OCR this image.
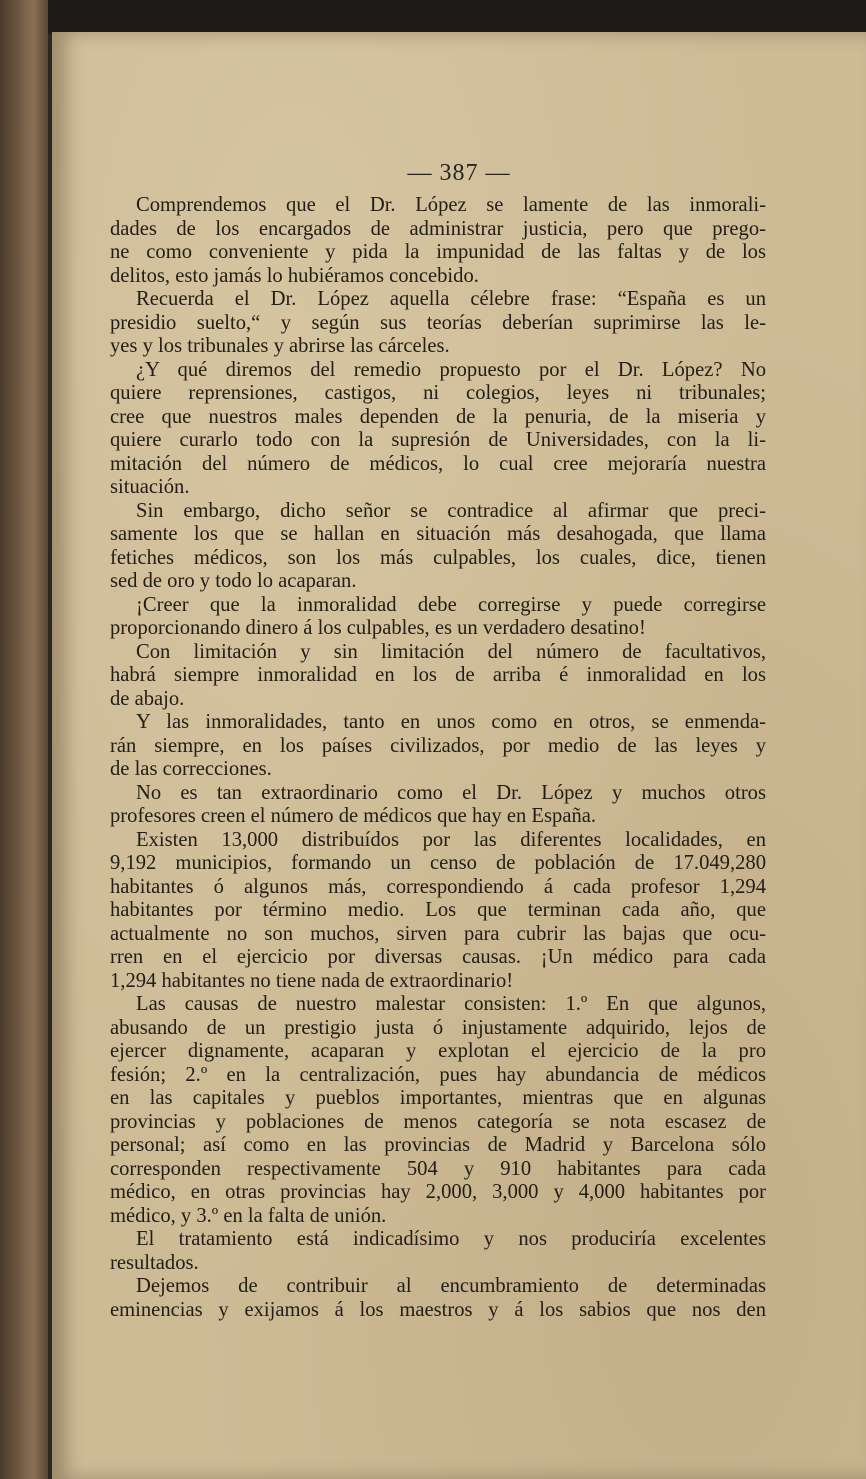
— 387 —
Comprendemos que el Dr. López se lamente de las inmorali-
dades de los encargados de administrar justicia, pero que prego-
ne como conveniente y pida la impunidad de las faltas y de los
delitos, esto jamás lo hubiéramos concebido.
Recuerda el Dr. López aquella célebre frase: “España es un
presidio suelto,“ y según sus teorías deberían suprimirse las le-
yes y los tribunales y abrirse las cárceles.
¿Y qué diremos del remedio propuesto por el Dr. López? No
quiere reprensiones, castigos, ni colegios, leyes ni tribunales;
cree que nuestros males dependen de la penuria, de la miseria y
quiere curarlo todo con la supresión de Universidades, con la li-
mitación del número de médicos, lo cual cree mejoraría nuestra
situación.
Sin embargo, dicho señor se contradice al afirmar que preci-
samente los que se hallan en situación más desahogada, que llama
fetiches médicos, son los más culpables, los cuales, dice, tienen
sed de oro y todo lo acaparan.
¡Creer que la inmoralidad debe corregirse y puede corregirse
proporcionando dinero á los culpables, es un verdadero desatino!
Con limitación y sin limitación del número de facultativos,
habrá siempre inmoralidad en los de arriba é inmoralidad en los
de abajo.
Y las inmoralidades, tanto en unos como en otros, se enmenda-
rán siempre, en los países civilizados, por medio de las leyes y
de las correcciones.
No es tan extraordinario como el Dr. López y muchos otros
profesores creen el número de médicos que hay en España.
Existen 13,000 distribuídos por las diferentes localidades, en
9,192 municipios, formando un censo de población de 17.049,280
habitantes ó algunos más, correspondiendo á cada profesor 1,294
habitantes por término medio. Los que terminan cada año, que
actualmente no son muchos, sirven para cubrir las bajas que ocu-
rren en el ejercicio por diversas causas. ¡Un médico para cada
1,294 habitantes no tiene nada de extraordinario!
Las causas de nuestro malestar consisten: 1.º En que algunos,
abusando de un prestigio justa ó injustamente adquirido, lejos de
ejercer dignamente, acaparan y explotan el ejercicio de la pro
fesión; 2.º en la centralización, pues hay abundancia de médicos
en las capitales y pueblos importantes, mientras que en algunas
provincias y poblaciones de menos categoría se nota escasez de
personal; así como en las provincias de Madrid y Barcelona sólo
corresponden respectivamente 504 y 910 habitantes para cada
médico, en otras provincias hay 2,000, 3,000 y 4,000 habitantes por
médico, y 3.º en la falta de unión.
El tratamiento está indicadísimo y nos produciría excelentes
resultados.
Dejemos de contribuir al encumbramiento de determinadas
eminencias y exijamos á los maestros y á los sabios que nos den
